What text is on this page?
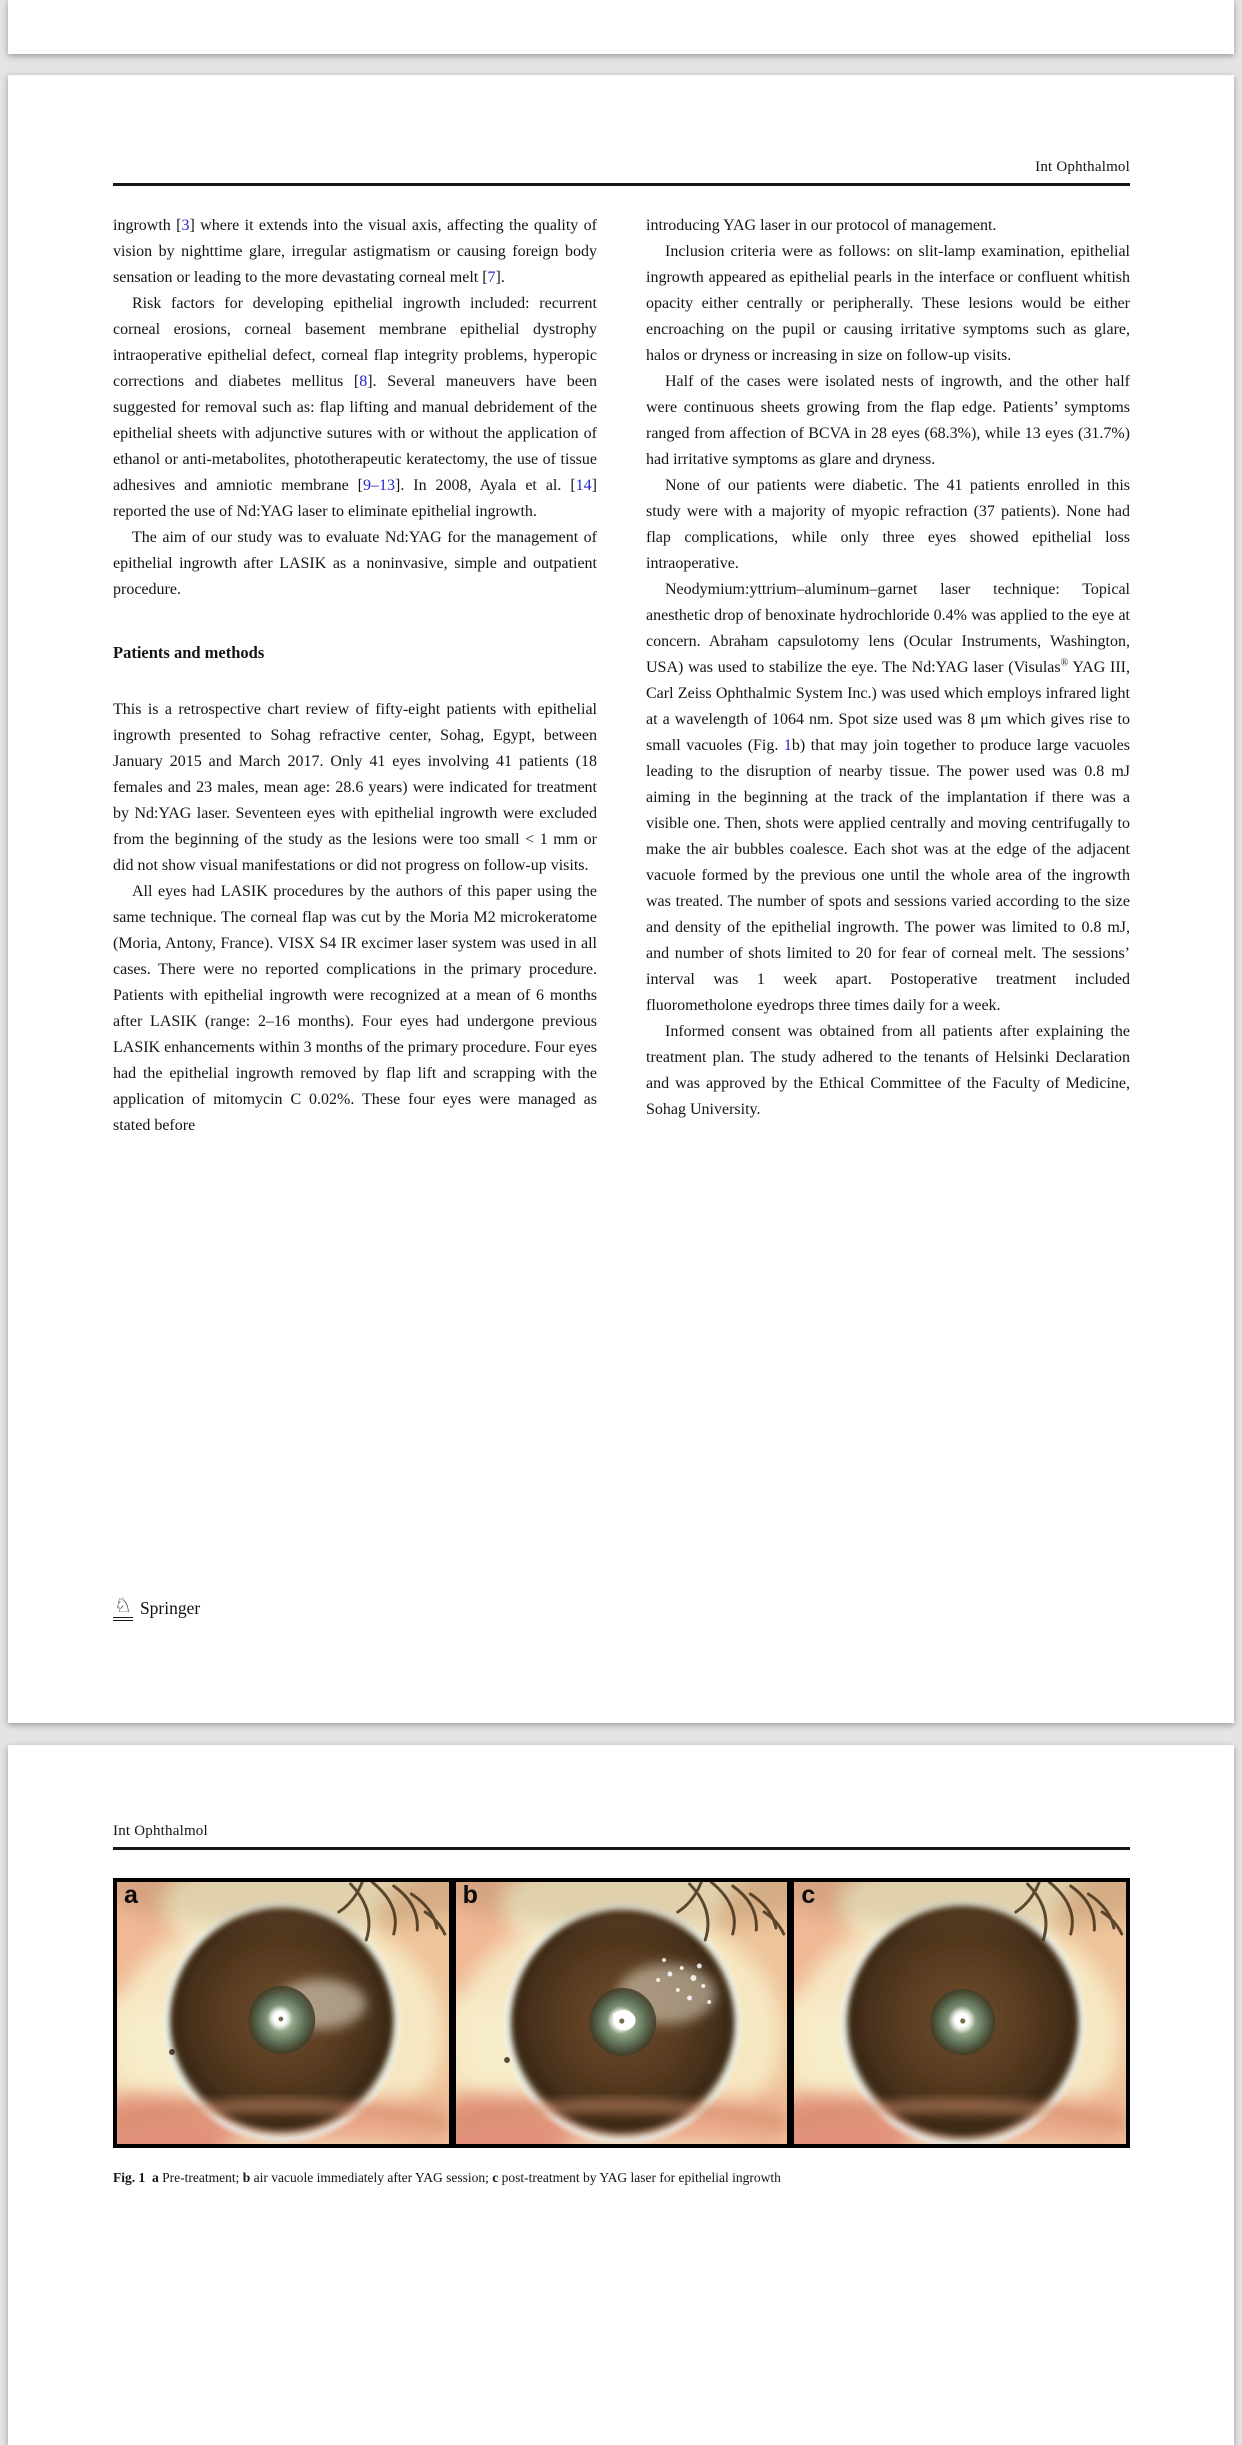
Int Ophthalmol

ingrowth [3] where it extends into the visual axis, affecting the quality of vision by nighttime glare, irregular astigmatism or causing foreign body sensation or leading to the more devastating corneal melt [7].

Risk factors for developing epithelial ingrowth included: recurrent corneal erosions, corneal basement membrane epithelial dystrophy intraoperative epithelial defect, corneal flap integrity problems, hyperopic corrections and diabetes mellitus [8]. Several maneuvers have been suggested for removal such as: flap lifting and manual debridement of the epithelial sheets with adjunctive sutures with or without the application of ethanol or anti-metabolites, phototherapeutic keratectomy, the use of tissue adhesives and amniotic membrane [9–13]. In 2008, Ayala et al. [14] reported the use of Nd:YAG laser to eliminate epithelial ingrowth.

The aim of our study was to evaluate Nd:YAG for the management of epithelial ingrowth after LASIK as a noninvasive, simple and outpatient procedure.

Patients and methods

This is a retrospective chart review of fifty-eight patients with epithelial ingrowth presented to Sohag refractive center, Sohag, Egypt, between January 2015 and March 2017. Only 41 eyes involving 41 patients (18 females and 23 males, mean age: 28.6 years) were indicated for treatment by Nd:YAG laser. Seventeen eyes with epithelial ingrowth were excluded from the beginning of the study as the lesions were too small < 1 mm or did not show visual manifestations or did not progress on follow-up visits.

All eyes had LASIK procedures by the authors of this paper using the same technique. The corneal flap was cut by the Moria M2 microkeratome (Moria, Antony, France). VISX S4 IR excimer laser system was used in all cases. There were no reported complications in the primary procedure. Patients with epithelial ingrowth were recognized at a mean of 6 months after LASIK (range: 2–16 months). Four eyes had undergone previous LASIK enhancements within 3 months of the primary procedure. Four eyes had the epithelial ingrowth removed by flap lift and scrapping with the application of mitomycin C 0.02%. These four eyes were managed as stated before

introducing YAG laser in our protocol of management.

Inclusion criteria were as follows: on slit-lamp examination, epithelial ingrowth appeared as epithelial pearls in the interface or confluent whitish opacity either centrally or peripherally. These lesions would be either encroaching on the pupil or causing irritative symptoms such as glare, halos or dryness or increasing in size on follow-up visits.

Half of the cases were isolated nests of ingrowth, and the other half were continuous sheets growing from the flap edge. Patients’ symptoms ranged from affection of BCVA in 28 eyes (68.3%), while 13 eyes (31.7%) had irritative symptoms as glare and dryness.

None of our patients were diabetic. The 41 patients enrolled in this study were with a majority of myopic refraction (37 patients). None had flap complications, while only three eyes showed epithelial loss intraoperative.

Neodymium:yttrium–aluminum–garnet laser technique: Topical anesthetic drop of benoxinate hydrochloride 0.4% was applied to the eye at concern. Abraham capsulotomy lens (Ocular Instruments, Washington, USA) was used to stabilize the eye. The Nd:YAG laser (Visulas® YAG III, Carl Zeiss Ophthalmic System Inc.) was used which employs infrared light at a wavelength of 1064 nm. Spot size used was 8 μm which gives rise to small vacuoles (Fig. 1b) that may join together to produce large vacuoles leading to the disruption of nearby tissue. The power used was 0.8 mJ aiming in the beginning at the track of the implantation if there was a visible one. Then, shots were applied centrally and moving centrifugally to make the air bubbles coalesce. Each shot was at the edge of the adjacent vacuole formed by the previous one until the whole area of the ingrowth was treated. The number of spots and sessions varied according to the size and density of the epithelial ingrowth. The power was limited to 0.8 mJ, and number of shots limited to 20 for fear of corneal melt. The sessions’ interval was 1 week apart. Postoperative treatment included fluorometholone eyedrops three times daily for a week.

Informed consent was obtained from all patients after explaining the treatment plan. The study adhered to the tenants of Helsinki Declaration and was approved by the Ethical Committee of the Faculty of Medicine, Sohag University.

♘ Springer
Int Ophthalmol
a	b	c
Fig. 1 a Pre-treatment; b air vacuole immediately after YAG session; c post-treatment by YAG laser for epithelial ingrowth
